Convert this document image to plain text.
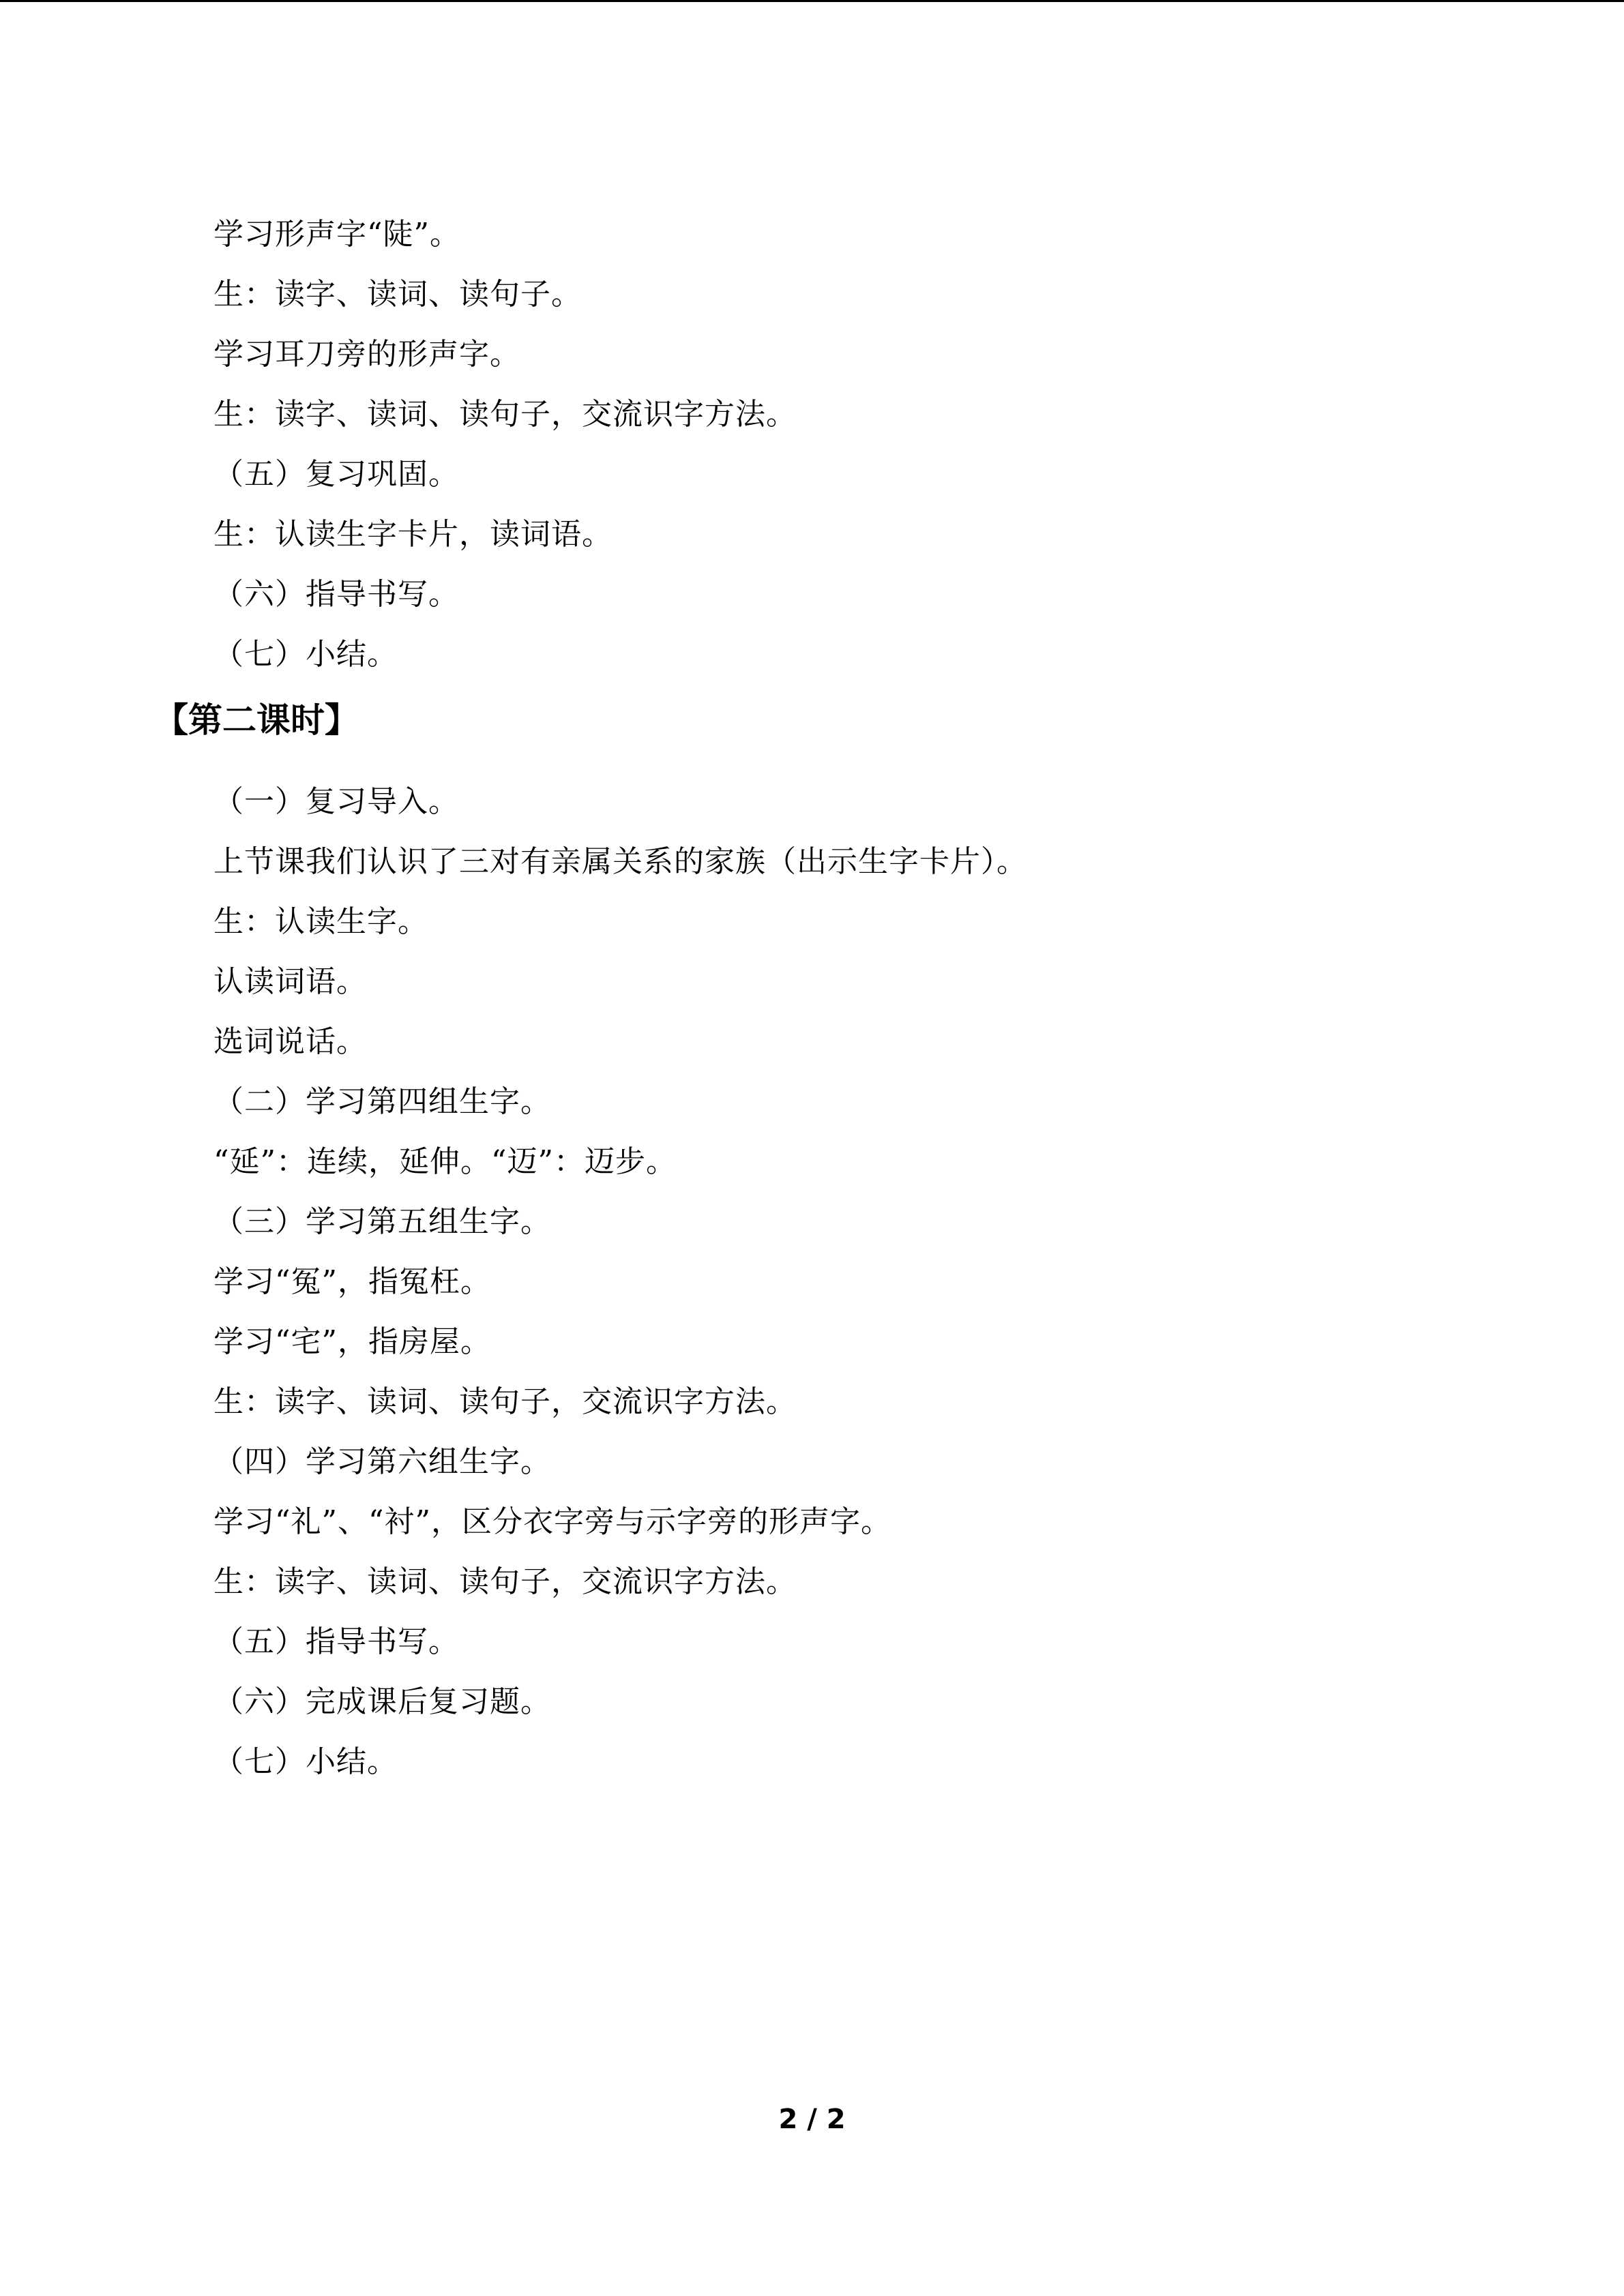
学习形声字“陡”。
生：读字、读词、读句子。
学习耳刀旁的形声字。
生：读字、读词、读句子，交流识字方法。
（五）复习巩固。
生：认读生字卡片，读词语。
（六）指导书写。
（七）小结。
【第二课时】
（一）复习导入。
上节课我们认识了三对有亲属关系的家族（出示生字卡片）。
生：认读生字。
认读词语。
选词说话。
（二）学习第四组生字。
“延”：连续，延伸。“迈”：迈步。
（三）学习第五组生字。
学习“冤”，指冤枉。
学习“宅”，指房屋。
生：读字、读词、读句子，交流识字方法。
（四）学习第六组生字。
学习“礼”、“衬”，区分衣字旁与示字旁的形声字。
生：读字、读词、读句子，交流识字方法。
（五）指导书写。
（六）完成课后复习题。
（七）小结。
2 / 2
